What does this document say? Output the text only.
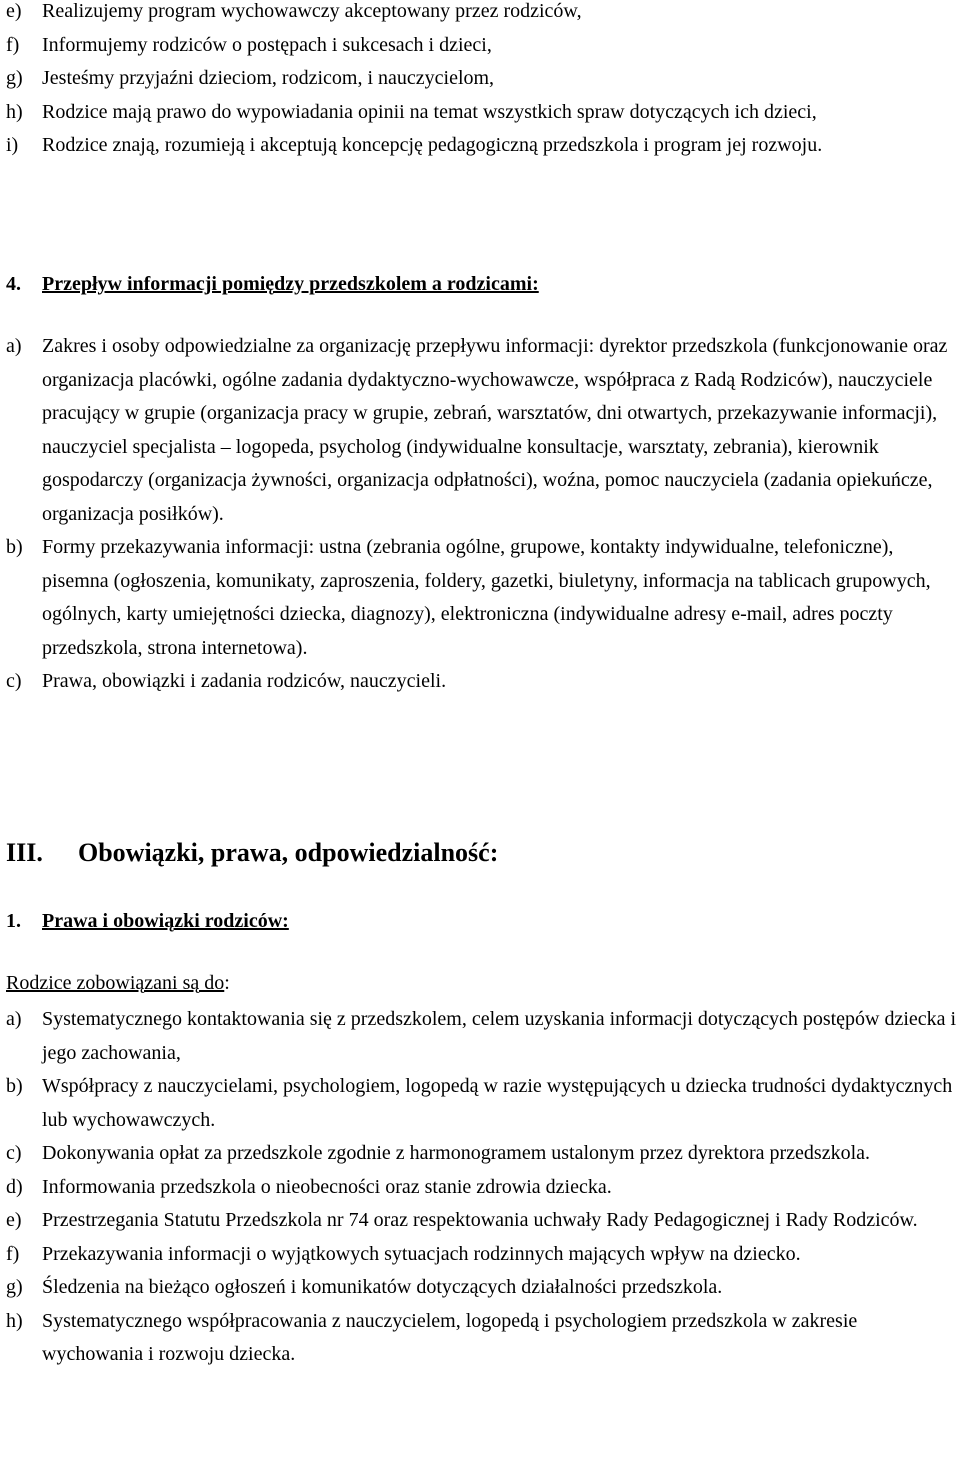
e) Realizujemy program wychowawczy akceptowany przez rodziców,
f) Informujemy rodziców o postępach i sukcesach i dzieci,
g) Jesteśmy przyjaźni dzieciom, rodzicom, i nauczycielom,
h) Rodzice mają prawo do wypowiadania opinii na temat wszystkich spraw dotyczących ich dzieci,
i) Rodzice znają, rozumieją i akceptują koncepcję pedagogiczną przedszkola i program jej rozwoju.
4. Przepływ informacji pomiędzy przedszkolem a rodzicami:
a) Zakres i osoby odpowiedzialne za organizację przepływu informacji: dyrektor przedszkola (funkcjonowanie oraz organizacja placówki, ogólne zadania dydaktyczno-wychowawcze, współpraca z Radą Rodziców), nauczyciele pracujący w grupie (organizacja pracy w grupie, zebrań, warsztatów, dni otwartych, przekazywanie informacji), nauczyciel specjalista – logopeda, psycholog (indywidualne konsultacje, warsztaty, zebrania), kierownik gospodarczy (organizacja żywności, organizacja odpłatności), woźna, pomoc nauczyciela (zadania opiekuńcze, organizacja posiłków).
b) Formy przekazywania informacji: ustna (zebrania ogólne, grupowe, kontakty indywidualne, telefoniczne), pisemna (ogłoszenia, komunikaty, zaproszenia, foldery, gazetki, biuletyny, informacja na tablicach grupowych, ogólnych, karty umiejętności dziecka, diagnozy), elektroniczna (indywidualne adresy e-mail, adres poczty przedszkola, strona internetowa).
c) Prawa, obowiązki i zadania rodziców, nauczycieli.
III. Obowiązki, prawa, odpowiedzialność:
1. Prawa i obowiązki rodziców:
Rodzice zobowiązani są do:
a) Systematycznego kontaktowania się z przedszkolem, celem uzyskania informacji dotyczących postępów dziecka i jego zachowania,
b) Współpracy z nauczycielami, psychologiem, logopedą w razie występujących u dziecka trudności dydaktycznych lub wychowawczych.
c) Dokonywania opłat za przedszkole zgodnie z harmonogramem ustalonym przez dyrektora przedszkola.
d) Informowania przedszkola o nieobecności oraz stanie zdrowia dziecka.
e) Przestrzegania Statutu Przedszkola nr 74 oraz respektowania uchwały Rady Pedagogicznej i Rady Rodziców.
f) Przekazywania informacji o wyjątkowych sytuacjach rodzinnych mających wpływ na dziecko.
g) Śledzenia na bieżąco ogłoszeń i komunikatów dotyczących działalności przedszkola.
h) Systematycznego współpracowania z nauczycielem, logopedą i psychologiem przedszkola w zakresie wychowania i rozwoju dziecka.
